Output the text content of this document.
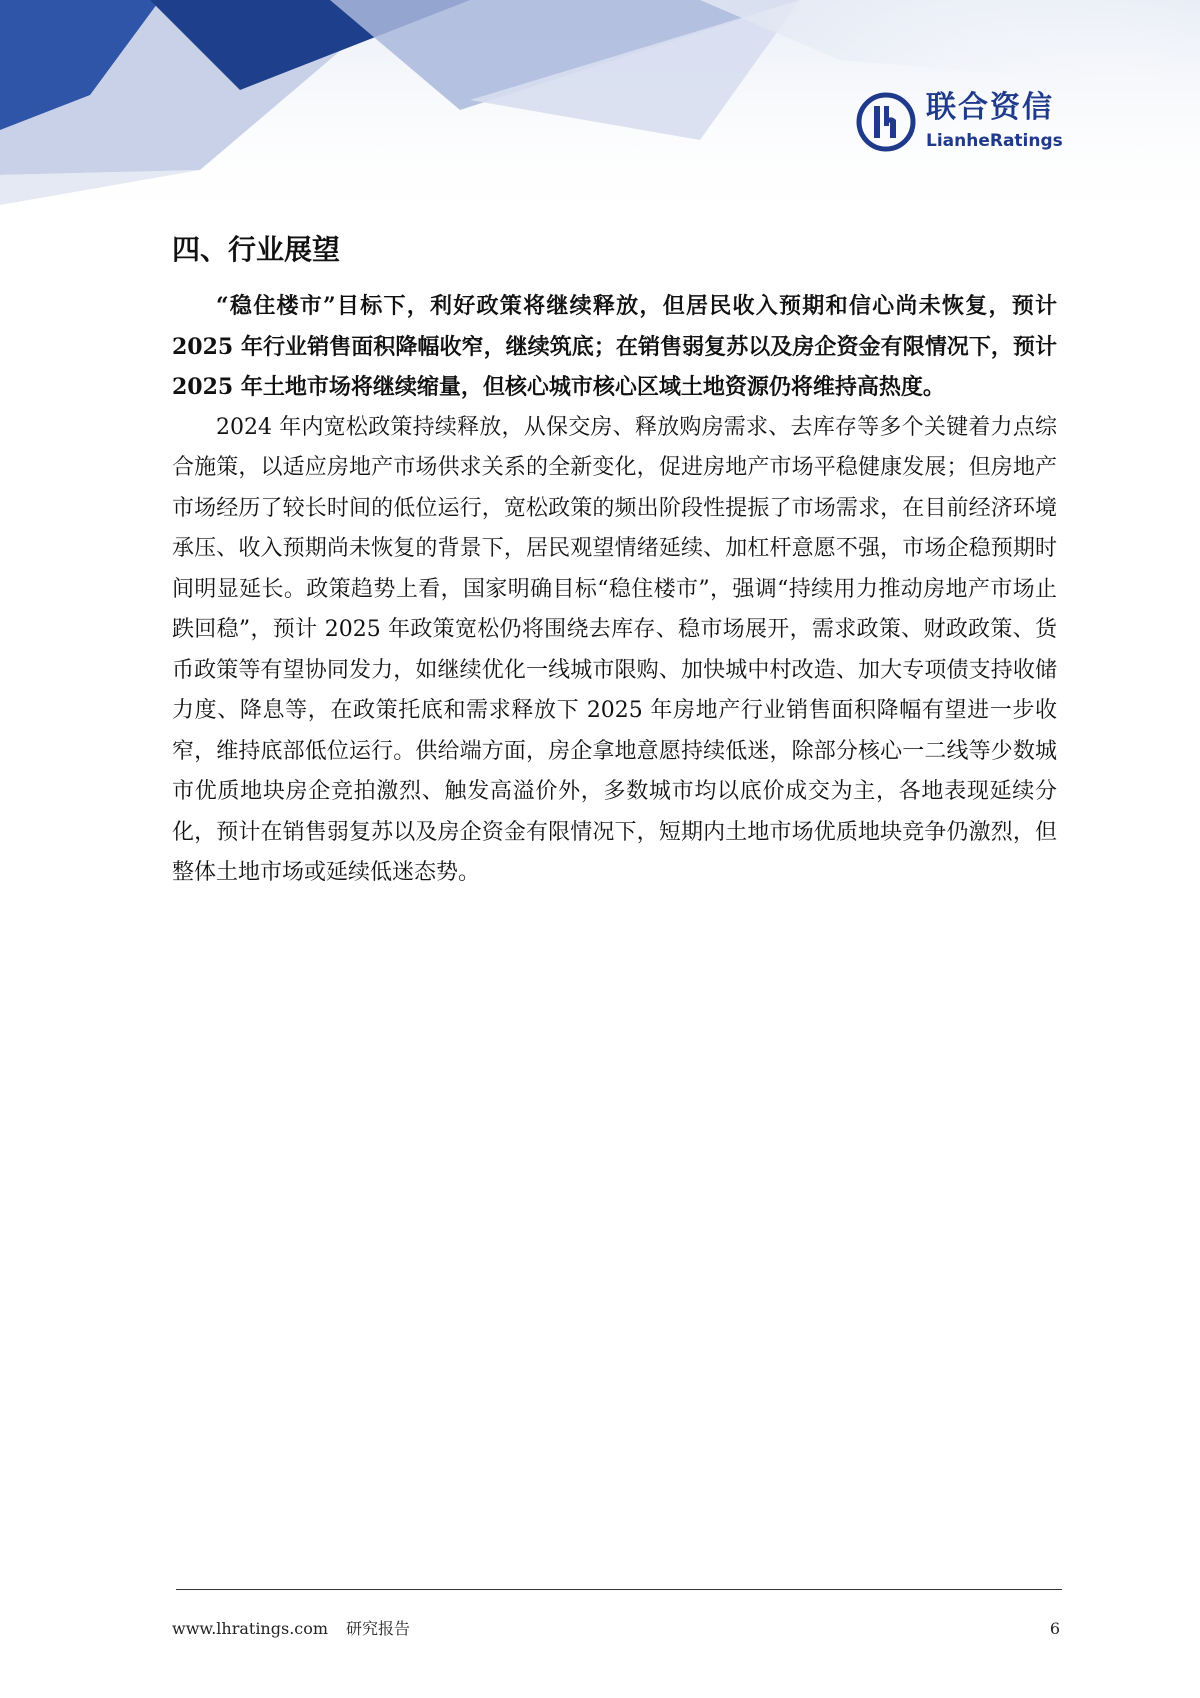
联合资信
LianheRatings
四、行业展望

“稳住楼市”目标下，利好政策将继续释放，但居民收入预期和信心尚未恢复，预计 2025 年行业销售面积降幅收窄，继续筑底；在销售弱复苏以及房企资金有限情况下，预计 2025 年土地市场将继续缩量，但核心城市核心区域土地资源仍将维持高热度。

2024 年内宽松政策持续释放，从保交房、释放购房需求、去库存等多个关键着力点综合施策，以适应房地产市场供求关系的全新变化，促进房地产市场平稳健康发展；但房地产市场经历了较长时间的低位运行，宽松政策的频出阶段性提振了市场需求，在目前经济环境承压、收入预期尚未恢复的背景下，居民观望情绪延续、加杠杆意愿不强，市场企稳预期时间明显延长。政策趋势上看，国家明确目标“稳住楼市”，强调“持续用力推动房地产市场止跌回稳”，预计 2025 年政策宽松仍将围绕去库存、稳市场展开，需求政策、财政政策、货币政策等有望协同发力，如继续优化一线城市限购、加快城中村改造、加大专项债支持收储力度、降息等，在政策托底和需求释放下 2025 年房地产行业销售面积降幅有望进一步收窄，维持底部低位运行。供给端方面，房企拿地意愿持续低迷，除部分核心一二线等少数城市优质地块房企竞拍激烈、触发高溢价外，多数城市均以底价成交为主，各地表现延续分化，预计在销售弱复苏以及房企资金有限情况下，短期内土地市场优质地块竞争仍激烈，但整体土地市场或延续低迷态势。

www.lhratings.com 研究报告	6
